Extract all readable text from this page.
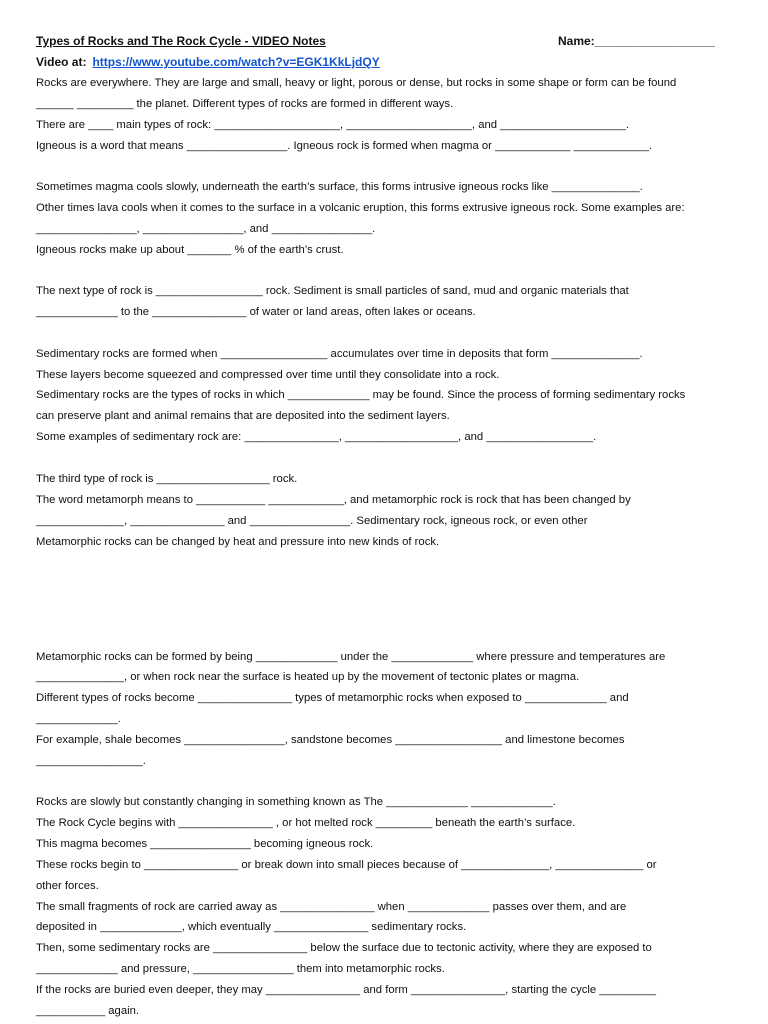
Types of Rocks and The Rock Cycle - VIDEO Notes	Name:__________________
Video at: https://www.youtube.com/watch?v=EGK1KkLjdQY
Rocks are everywhere. They are large and small, heavy or light, porous or dense, but rocks in some shape or form can be found
______ _________ the planet. Different types of rocks are formed in different ways.
There are ____ main types of rock: ____________________, ____________________, and ____________________.
Igneous is a word that means ________________. Igneous rock is formed when magma or ____________ ____________.
Sometimes magma cools slowly, underneath the earth’s surface, this forms intrusive igneous rocks like ______________.
Other times lava cools when it comes to the surface in a volcanic eruption, this forms extrusive igneous rock. Some examples are:
________________, ________________, and ________________.
Igneous rocks make up about _______ % of the earth’s crust.
The next type of rock is _________________ rock. Sediment is small particles of sand, mud and organic materials that
_____________ to the _______________ of water or land areas, often lakes or oceans.
Sedimentary rocks are formed when _________________ accumulates over time in deposits that form ______________.
These layers become squeezed and compressed over time until they consolidate into a rock.
Sedimentary rocks are the types of rocks in which _____________ may be found. Since the process of forming sedimentary rocks
can preserve plant and animal remains that are deposited into the sediment layers.
Some examples of sedimentary rock are: _______________, __________________, and _________________.
The third type of rock is __________________ rock.
The word metamorph means to ___________ ____________, and metamorphic rock is rock that has been changed by
______________, _______________ and ________________. Sedimentary rock, igneous rock, or even other
Metamorphic rocks can be changed by heat and pressure into new kinds of rock.
Metamorphic rocks can be formed by being _____________ under the _____________ where pressure and temperatures are
______________, or when rock near the surface is heated up by the movement of tectonic plates or magma.
Different types of rocks become _______________ types of metamorphic rocks when exposed to _____________ and
_____________.
For example, shale becomes ________________, sandstone becomes _________________ and limestone becomes
_________________.
Rocks are slowly but constantly changing in something known as The _____________ _____________.
The Rock Cycle begins with _______________ , or hot melted rock _________ beneath the earth’s surface.
This magma becomes ________________ becoming igneous rock.
These rocks begin to _______________ or break down into small pieces because of ______________, ______________ or
other forces.
The small fragments of rock are carried away as _______________ when _____________ passes over them, and are
deposited in _____________, which eventually _______________ sedimentary rocks.
Then, some sedimentary rocks are _______________ below the surface due to tectonic activity, where they are exposed to
_____________ and pressure, ________________ them into metamorphic rocks.
If the rocks are buried even deeper, they may _______________ and form _______________, starting the cycle _________
___________ again.
